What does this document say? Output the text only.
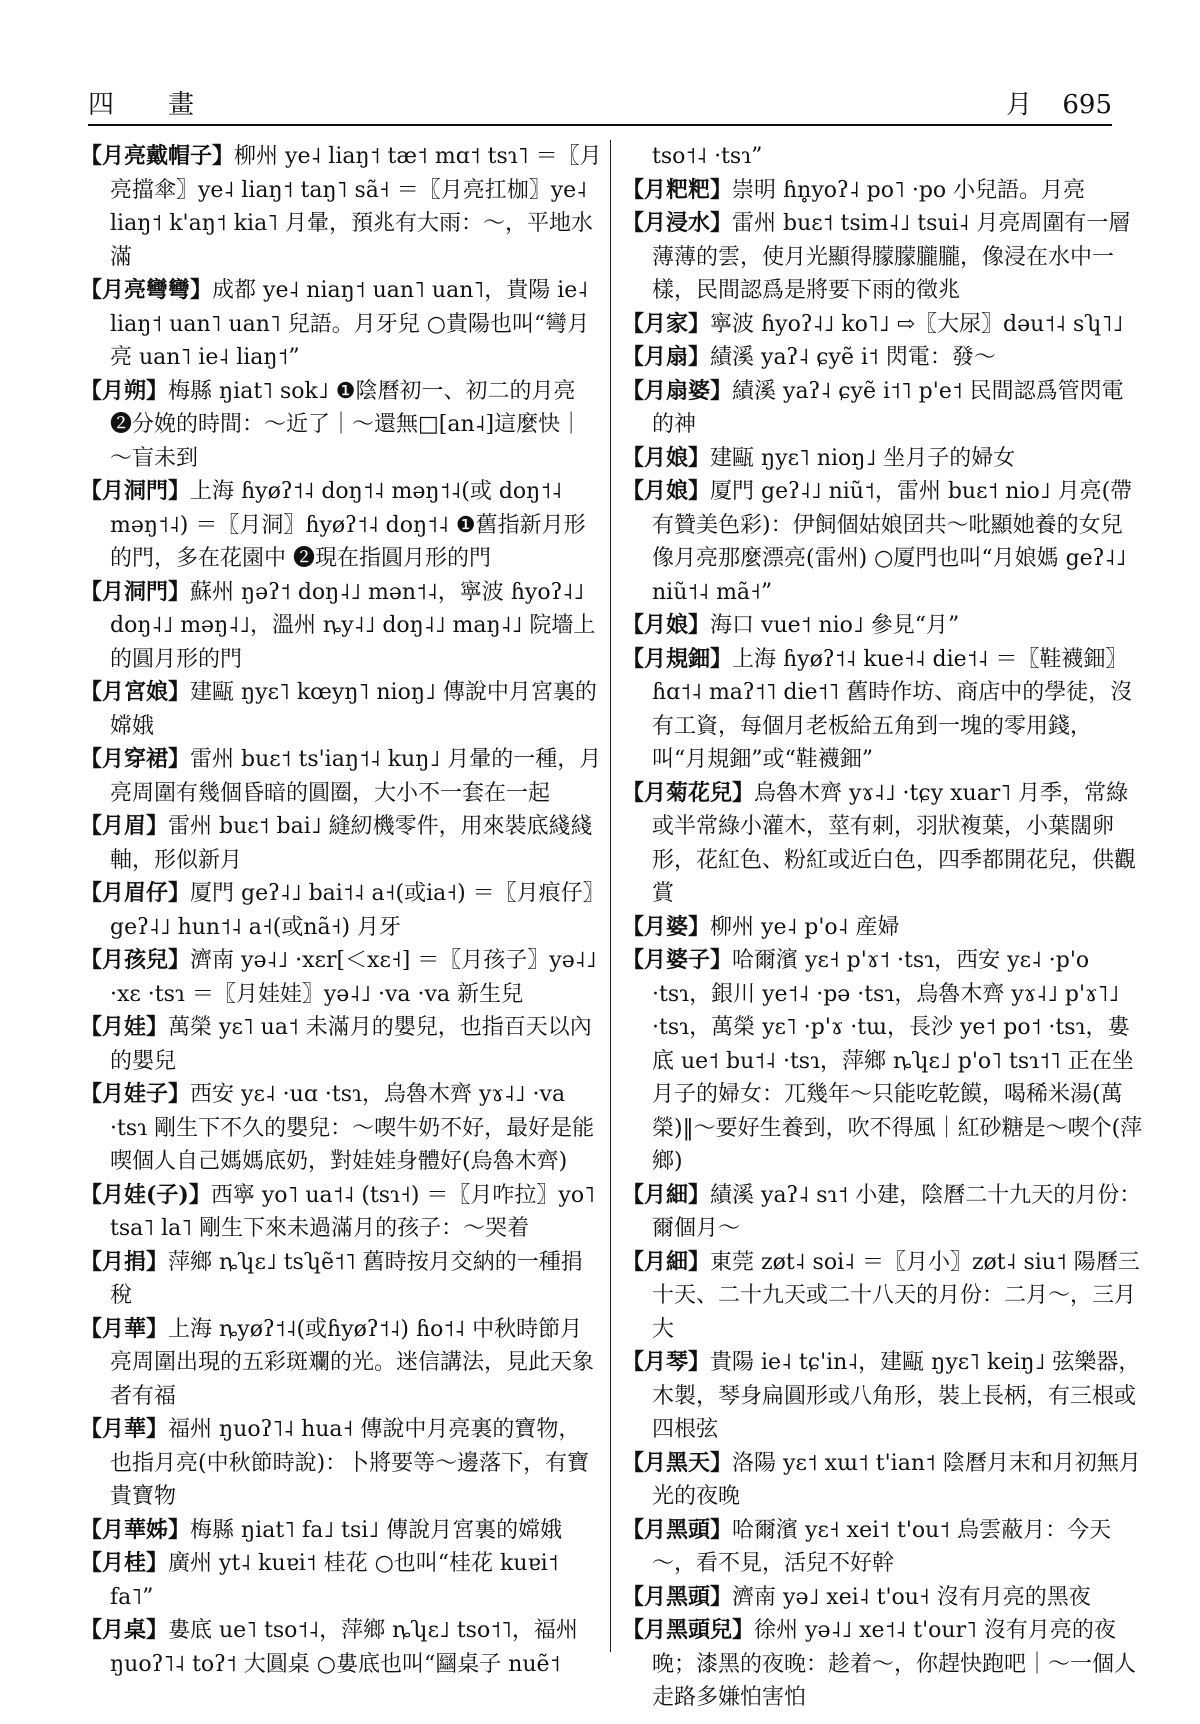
四　畫	月 695

【月亮戴帽子】柳州 ye˨ liaŋ˦ tæ˦ mɑ˦ tsɿ˥ ＝〖月亮擋傘〗ye˨ liaŋ˦ taŋ˥ sã˧ ＝〖月亮扛枷〗ye˨ liaŋ˦ k'aŋ˦ kia˥ 月暈，預兆有大雨：～，平地水滿

【月亮彎彎】成都 ye˨ niaŋ˦ uan˥ uan˥，貴陽 ie˨ liaŋ˦ uan˥ uan˥ 兒語。月牙兒 ○貴陽也叫“彎月亮 uan˥ ie˨ liaŋ˦”

【月朔】梅縣 ŋiat˥ sok˩ ❶陰曆初一、初二的月亮 ❷分娩的時間：～近了｜～還無□[an˨]這麼快｜～盲未到

【月洞門】上海 ɦyøʔ˦˨ doŋ˦˨ məŋ˦˨(或 doŋ˦˨ məŋ˦˨) ＝〖月洞〗ɦyøʔ˦˨ doŋ˦˨ ❶舊指新月形的門，多在花園中 ❷現在指圓月形的門

【月洞門】蘇州 ŋəʔ˦ doŋ˨˩ mən˦˨，寧波 ɦyoʔ˨˩ doŋ˨˩ məŋ˨˩，溫州 ȵy˨˩ doŋ˨˩ maŋ˨˩ 院墻上的圓月形的門

【月宮娘】建甌 ŋyɛ˥ kœyŋ˥ nioŋ˩ 傳說中月宮裏的嫦娥

【月穿裙】雷州 buɛ˦ ts'iaŋ˦˨ kuŋ˩ 月暈的一種，月亮周圍有幾個昏暗的圓圈，大小不一套在一起

【月眉】雷州 buɛ˦ bai˩ 縫紉機零件，用來裝底綫綫軸，形似新月

【月眉仔】厦門 geʔ˨˩ bai˦˨ a˧(或ia˧) ＝〖月痕仔〗geʔ˨˩ hun˦˨ a˧(或nã˧) 月牙

【月孩兒】濟南 yə˨˩ ·xɛr[＜xɛ˧] ＝〖月孩子〗yə˨˩ ·xɛ ·tsɿ ＝〖月娃娃〗yə˨˩ ·va ·va 新生兒

【月娃】萬榮 yɛ˥ ua˦ 未滿月的嬰兒，也指百天以內的嬰兒

【月娃子】西安 yɛ˨ ·uɑ ·tsɿ，烏魯木齊 yɤ˨˩ ·va ·tsɿ 剛生下不久的嬰兒：～喫牛奶不好，最好是能喫個人自己媽媽底奶，對娃娃身體好(烏魯木齊)

【月娃(子)】西寧 yo˥ ua˦˨ (tsɿ˧) ＝〖月咋拉〗yo˥ tsa˥ la˥ 剛生下來未過滿月的孩子：～哭着

【月捐】萍鄉 ȵʮɛ˩ tsʮẽ˦˥ 舊時按月交納的一種捐稅

【月華】上海 ȵyøʔ˦˨(或ɦyøʔ˦˨) ɦo˦˨ 中秋時節月亮周圍出現的五彩斑斕的光。迷信講法，見此天象者有福

【月華】福州 ŋuoʔ˥˨ hua˧ 傳說中月亮裏的寶物，也指月亮(中秋節時說)：卜將要等～邊落下，有寶貴寶物

【月華姊】梅縣 ŋiat˥ fa˩ tsi˩ 傳說月宮裏的嫦娥

【月桂】廣州 yt˨ kuɐi˦ 桂花 ○也叫“桂花 kuɐi˦ fa˥”

【月桌】婁底 ue˥ tso˦˨，萍鄉 ȵʮɛ˩ tso˦˥，福州 ŋuoʔ˥˨ toʔ˦ 大圓桌 ○婁底也叫“圝桌子 nuẽ˦

tso˦˨ ·tsɿ”

【月粑粑】崇明 ɦn̥yoʔ˨ po˥ ·po 小兒語。月亮

【月浸水】雷州 buɛ˦ tsim˨˩ tsui˨ 月亮周圍有一層薄薄的雲，使月光顯得朦朦朧朧，像浸在水中一樣，民間認爲是將要下雨的徵兆

【月家】寧波 ɦyoʔ˨˩ ko˥˩ ⇨〖大尿〗dəu˦˨ sʮ˥˩

【月扇】績溪 yaʔ˨ ɕyẽ i˦ 閃電：發～

【月扇婆】績溪 yaʔ˨ ɕyẽ i˦˥ p'e˦ 民間認爲管閃電的神

【月娘】建甌 ŋyɛ˥ nioŋ˩ 坐月子的婦女

【月娘】厦門 geʔ˨˩ niũ˦，雷州 buɛ˦ nio˩ 月亮(帶有贊美色彩)：伊飼個姑娘囝共～吡顯她養的女兒像月亮那麼漂亮(雷州) ○厦門也叫“月娘媽 geʔ˨˩ niũ˦˨ mã˧”

【月娘】海口 vue˦ nio˩ 參見“月”

【月規鈿】上海 ɦyøʔ˦˨ kue˧˨ die˦˨ ＝〖鞋襪鈿〗ɦɑ˦˨ maʔ˦˥ die˦˥ 舊時作坊、商店中的學徒，沒有工資，每個月老板給五角到一塊的零用錢，叫“月規鈿”或“鞋襪鈿”

【月菊花兒】烏魯木齊 yɤ˨˩ ·tɕy xuar˥ 月季，常綠或半常綠小灌木，莖有刺，羽狀複葉，小葉闊卵形，花紅色、粉紅或近白色，四季都開花兒，供觀賞

【月婆】柳州 ye˨ p'o˨ 産婦

【月婆子】哈爾濱 yɛ˧ p'ɤ˦ ·tsɿ，西安 yɛ˨ ·p'o ·tsɿ，銀川 ye˦˨ ·pə ·tsɿ，烏魯木齊 yɤ˨˩ p'ɤ˥˩ ·tsɿ，萬榮 yɛ˥ ·p'ɤ ·tɯ，長沙 ye˦ po˦ ·tsɿ，婁底 ue˦ bu˦˨ ·tsɿ，萍鄉 ȵʮɛ˩ p'o˥ tsɿ˦˥ 正在坐月子的婦女：兀幾年～只能吃乾饃，喝稀米湯(萬榮)‖～要好生養到，吹不得風｜紅砂糖是～喫个(萍鄉)

【月細】績溪 yaʔ˨ sɿ˦ 小建，陰曆二十九天的月份：爾個月～

【月細】東莞 zøt˨ soi˨ ＝〖月小〗zøt˨ siu˦ 陽曆三十天、二十九天或二十八天的月份：二月～，三月大

【月琴】貴陽 ie˨ tɕ'in˨，建甌 ŋyɛ˥ keiŋ˩ 弦樂器，木製，琴身扁圓形或八角形，裝上長柄，有三根或四根弦

【月黑天】洛陽 yɛ˦ xɯ˦ t'ian˦ 陰曆月末和月初無月光的夜晚

【月黑頭】哈爾濱 yɛ˧ xei˦ t'ou˦ 烏雲蔽月：今天～，看不見，活兒不好幹

【月黑頭】濟南 yə˩ xei˨ t'ou˧ 沒有月亮的黑夜

【月黑頭兒】徐州 yə˨˩ xe˦˨ t'our˥ 沒有月亮的夜晚；漆黑的夜晚：趁着～，你趕快跑吧｜～一個人走路多嫌怕害怕
